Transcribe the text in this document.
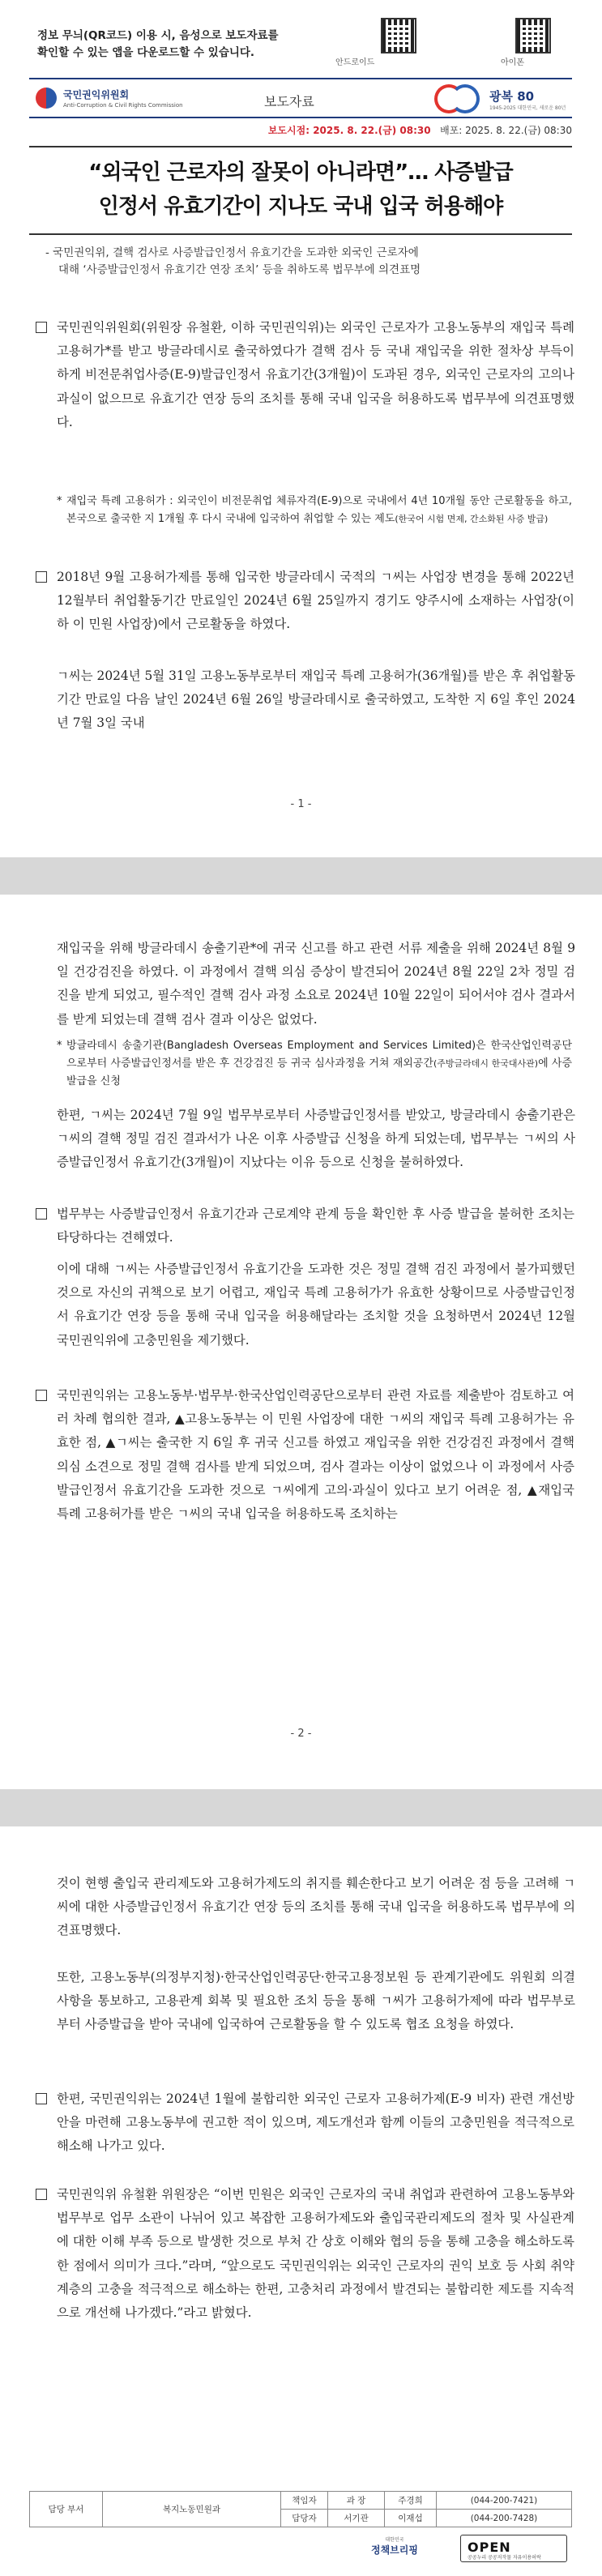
정보 무늬(QR코드) 이용 시, 음성으로 보도자료를
확인할 수 있는 앱을 다운로드할 수 있습니다.
안드로이드	아이폰
국민권익위원회
Anti-Corruption & Civil Rights Commission	보도자료	광복 80
1945-2025 대한민국, 새로운 80년
보도시점: 2025. 8. 22.(금) 08:30 배포: 2025. 8. 22.(금) 08:30
“외국인 근로자의 잘못이 아니라면”… 사증발급
인정서 유효기간이 지나도 국내 입국 허용해야
- 국민권익위, 결핵 검사로 사증발급인정서 유효기간을 도과한 외국인 근로자에
대해 ‘사증발급인정서 유효기간 연장 조치’ 등을 취하도록 법무부에 의견표명
국민권익위원회(위원장 유철환, 이하 국민권익위)는 외국인 근로자가 고용노동부의 재입국 특례 고용허가*를 받고 방글라데시로 출국하였다가 결핵 검사 등 국내 재입국을 위한 절차상 부득이하게 비전문취업사증(E-9)발급인정서 유효기간(3개월)이 도과된 경우, 외국인 근로자의 고의나 과실이 없으므로 유효기간 연장 등의 조치를 통해 국내 입국을 허용하도록 법무부에 의견표명했다.
* 재입국 특례 고용허가 : 외국인이 비전문취업 체류자격(E-9)으로 국내에서 4년 10개월 동안 근로활동을 하고, 본국으로 출국한 지 1개월 후 다시 국내에 입국하여 취업할 수 있는 제도(한국어 시험 면제, 간소화된 사증 발급)
2018년 9월 고용허가제를 통해 입국한 방글라데시 국적의 ㄱ씨는 사업장 변경을 통해 2022년 12월부터 취업활동기간 만료일인 2024년 6월 25일까지 경기도 양주시에 소재하는 사업장(이하 이 민원 사업장)에서 근로활동을 하였다.
ㄱ씨는 2024년 5월 31일 고용노동부로부터 재입국 특례 고용허가(36개월)를 받은 후 취업활동기간 만료일 다음 날인 2024년 6월 26일 방글라데시로 출국하였고, 도착한 지 6일 후인 2024년 7월 3일 국내
- 1 -
재입국을 위해 방글라데시 송출기관*에 귀국 신고를 하고 관련 서류 제출을 위해 2024년 8월 9일 건강검진을 하였다. 이 과정에서 결핵 의심 증상이 발견되어 2024년 8월 22일 2차 정밀 검진을 받게 되었고, 필수적인 결핵 검사 과정 소요로 2024년 10월 22일이 되어서야 검사 결과서를 받게 되었는데 결핵 검사 결과 이상은 없었다.
* 방글라데시 송출기관(Bangladesh Overseas Employment and Services Limited)은 한국산업인력공단으로부터 사증발급인정서를 받은 후 건강검진 등 귀국 심사과정을 거쳐 재외공간(주방글라데시 한국대사관)에 사증 발급을 신청
한편, ㄱ씨는 2024년 7월 9일 법무부로부터 사증발급인정서를 받았고, 방글라데시 송출기관은 ㄱ씨의 결핵 정밀 검진 결과서가 나온 이후 사증발급 신청을 하게 되었는데, 법무부는 ㄱ씨의 사증발급인정서 유효기간(3개월)이 지났다는 이유 등으로 신청을 불허하였다.
법무부는 사증발급인정서 유효기간과 근로계약 관계 등을 확인한 후 사증 발급을 불허한 조치는 타당하다는 견해였다.
이에 대해 ㄱ씨는 사증발급인정서 유효기간을 도과한 것은 정밀 결핵 검진 과정에서 불가피했던 것으로 자신의 귀책으로 보기 어렵고, 재입국 특례 고용허가가 유효한 상황이므로 사증발급인정서 유효기간 연장 등을 통해 국내 입국을 허용해달라는 조치할 것을 요청하면서 2024년 12월 국민권익위에 고충민원을 제기했다.
국민권익위는 고용노동부·법무부·한국산업인력공단으로부터 관련 자료를 제출받아 검토하고 여러 차례 협의한 결과, ▲고용노동부는 이 민원 사업장에 대한 ㄱ씨의 재입국 특례 고용허가는 유효한 점, ▲ㄱ씨는 출국한 지 6일 후 귀국 신고를 하였고 재입국을 위한 건강검진 과정에서 결핵 의심 소견으로 정밀 결핵 검사를 받게 되었으며, 검사 결과는 이상이 없었으나 이 과정에서 사증발급인정서 유효기간을 도과한 것으로 ㄱ씨에게 고의·과실이 있다고 보기 어려운 점, ▲재입국 특례 고용허가를 받은 ㄱ씨의 국내 입국을 허용하도록 조치하는
- 2 -
것이 현행 출입국 관리제도와 고용허가제도의 취지를 훼손한다고 보기 어려운 점 등을 고려해 ㄱ씨에 대한 사증발급인정서 유효기간 연장 등의 조치를 통해 국내 입국을 허용하도록 법무부에 의견표명했다.
또한, 고용노동부(의정부지청)·한국산업인력공단·한국고용정보원 등 관계기관에도 위원회 의결 사항을 통보하고, 고용관계 회복 및 필요한 조치 등을 통해 ㄱ씨가 고용허가제에 따라 법무부로부터 사증발급을 받아 국내에 입국하여 근로활동을 할 수 있도록 협조 요청을 하였다.
한편, 국민권익위는 2024년 1월에 불합리한 외국인 근로자 고용허가제(E-9 비자) 관련 개선방안을 마련해 고용노동부에 권고한 적이 있으며, 제도개선과 함께 이들의 고충민원을 적극적으로 해소해 나가고 있다.
국민권익위 유철환 위원장은 “이번 민원은 외국인 근로자의 국내 취업과 관련하여 고용노동부와 법무부로 업무 소관이 나뉘어 있고 복잡한 고용허가제도와 출입국관리제도의 절차 및 사실관계에 대한 이해 부족 등으로 발생한 것으로 부처 간 상호 이해와 협의 등을 통해 고충을 해소하도록 한 점에서 의미가 크다.”라며, “앞으로도 국민권익위는 외국인 근로자의 권익 보호 등 사회 취약계층의 고충을 적극적으로 해소하는 한편, 고충처리 과정에서 발견되는 불합리한 제도를 지속적으로 개선해 나가겠다.”라고 밝혔다.
담당 부서	복지노동민원과	책임자	과 장	주경희	(044-200-7421)
		담당자	서기관	이재섭	(044-200-7428)
대한민국
정책브리핑	OPEN
공공누리 공공저작물 자유이용허락
